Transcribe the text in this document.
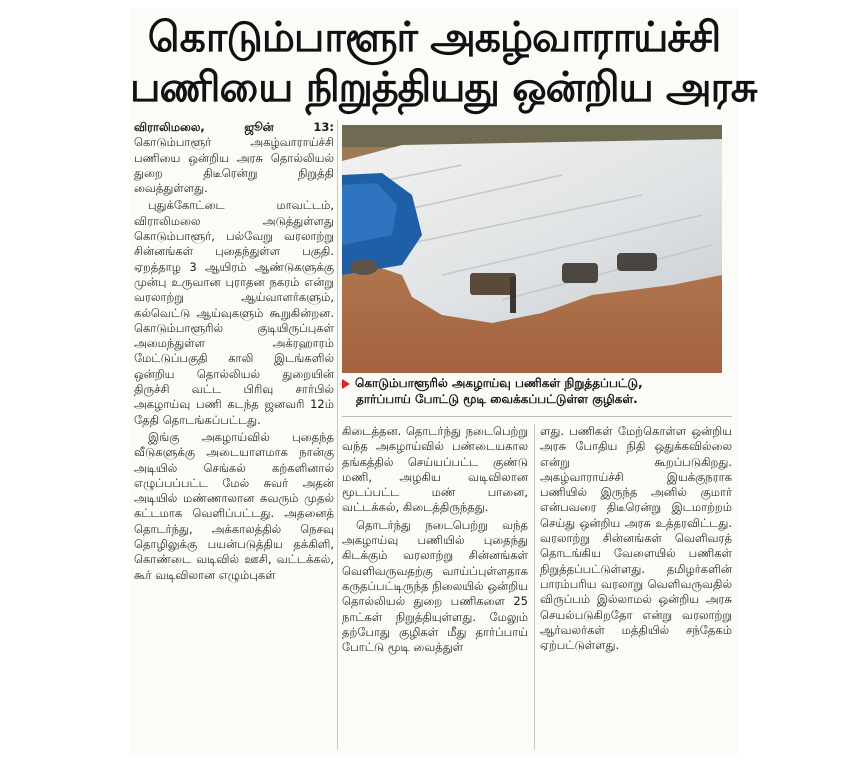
கொடும்பாளூர் அகழ்வாராய்ச்சி
பணியை நிறுத்தியது ஒன்றிய அரசு

விராலிமலை, ஜூன் 13: கொடும்பாளூர் அகழ்வாராய்ச்சி பணியை ஒன்றிய அரசு தொல்லியல் துறை திடீரென்று நிறுத்தி வைத்துள்ளது.

புதுக்கோட்டை மாவட்டம், விராலிமலை அடுத்துள்ளது கொடும்பாளூர், பல்வேறு வரலாற்று சின்னங்கள் புதைந்துள்ள பகுதி. ஏறத்தாழ 3 ஆயிரம் ஆண்டுகளுக்கு முன்பு உருவான புராதன நகரம் என்று வரலாற்று ஆய்வாளர்களும், கல்வெட்டு ஆய்வுகளும் கூறுகின்றன. கொடும்பாளூரில் குடியிருப்புகள் அமைந்துள்ள அக்ரஹாரம் மேட்டுப்பகுதி காலி இடங்களில் ஒன்றிய தொல்லியல் துறையின் திருச்சி வட்ட பிரிவு சார்பில் அகழாய்வு பணி கடந்த ஜனவரி 12ம் தேதி தொடங்கப்பட்டது.

இங்கு அகழாய்வில் புதைந்த வீடுகளுக்கு அடையாளமாக நான்கு அடியில் செங்கல் கற்களினால் எழுப்பப்பட்ட மேல் சுவர் அதன் அடியில் மண்ணாலான சுவரும் முதல் கட்டமாக வெளிப்பட்டது. அதனைத் தொடர்ந்து, அக்காலத்தில் நெசவு தொழிலுக்கு பயன்படுத்திய தக்கிளி, கொண்டை வடிவில் ஊசி, வட்டக்கல், கூர் வடிவிலான எழும்புகள்

கொடும்பாளூரில் அகழாய்வு பணிகள் நிறுத்தப்பட்டு,
தார்ப்பாய் போட்டு மூடி வைக்கப்பட்டுள்ள குழிகள்.

கிடைத்தன. தொடர்ந்து நடைபெற்று வந்த அகழாய்வில் பண்டையகால தங்கத்தில் செய்யப்பட்ட குண்டு மணி, அழகிய வடிவிலான மூடப்பட்ட மண் பானை, வட்டக்கல், கிடைத்திருந்தது.

தொடர்ந்து நடைபெற்று வந்த அகழாய்வு பணியில் புதைந்து கிடக்கும் வரலாற்று சின்னங்கள் வெளிவருவதற்கு வாய்ப்புள்ளதாக கருதப்பட்டிருந்த நிலையில் ஒன்றிய தொல்லியல் துறை பணிகளை 25 நாட்கள் நிறுத்தியுள்ளது. மேலும் தற்போது குழிகள் மீது தார்ப்பாய் போட்டு மூடி வைத்துள்

ளது. பணிகள் மேற்கொள்ள ஒன்றிய அரசு போதிய நிதி ஒதுக்கவில்லை என்று கூறப்படுகிறது. அகழ்வாராய்ச்சி இயக்குநராக பணியில் இருந்த அனில் குமார் என்பவரை திடீரென்று இடமாற்றம் செய்து ஒன்றிய அரசு உத்தரவிட்டது. வரலாற்று சின்னங்கள் வெளிவரத் தொடங்கிய வேளையில் பணிகள் நிறுத்தப்பட்டுள்ளது. தமிழர்களின் பாரம்பரிய வரலாறு வெளிவருவதில் விருப்பம் இல்லாமல் ஒன்றிய அரசு செயல்படுகிறதோ என்று வரலாற்று ஆர்வலர்கள் மத்தியில் சந்தேகம் ஏற்பட்டுள்ளது.
